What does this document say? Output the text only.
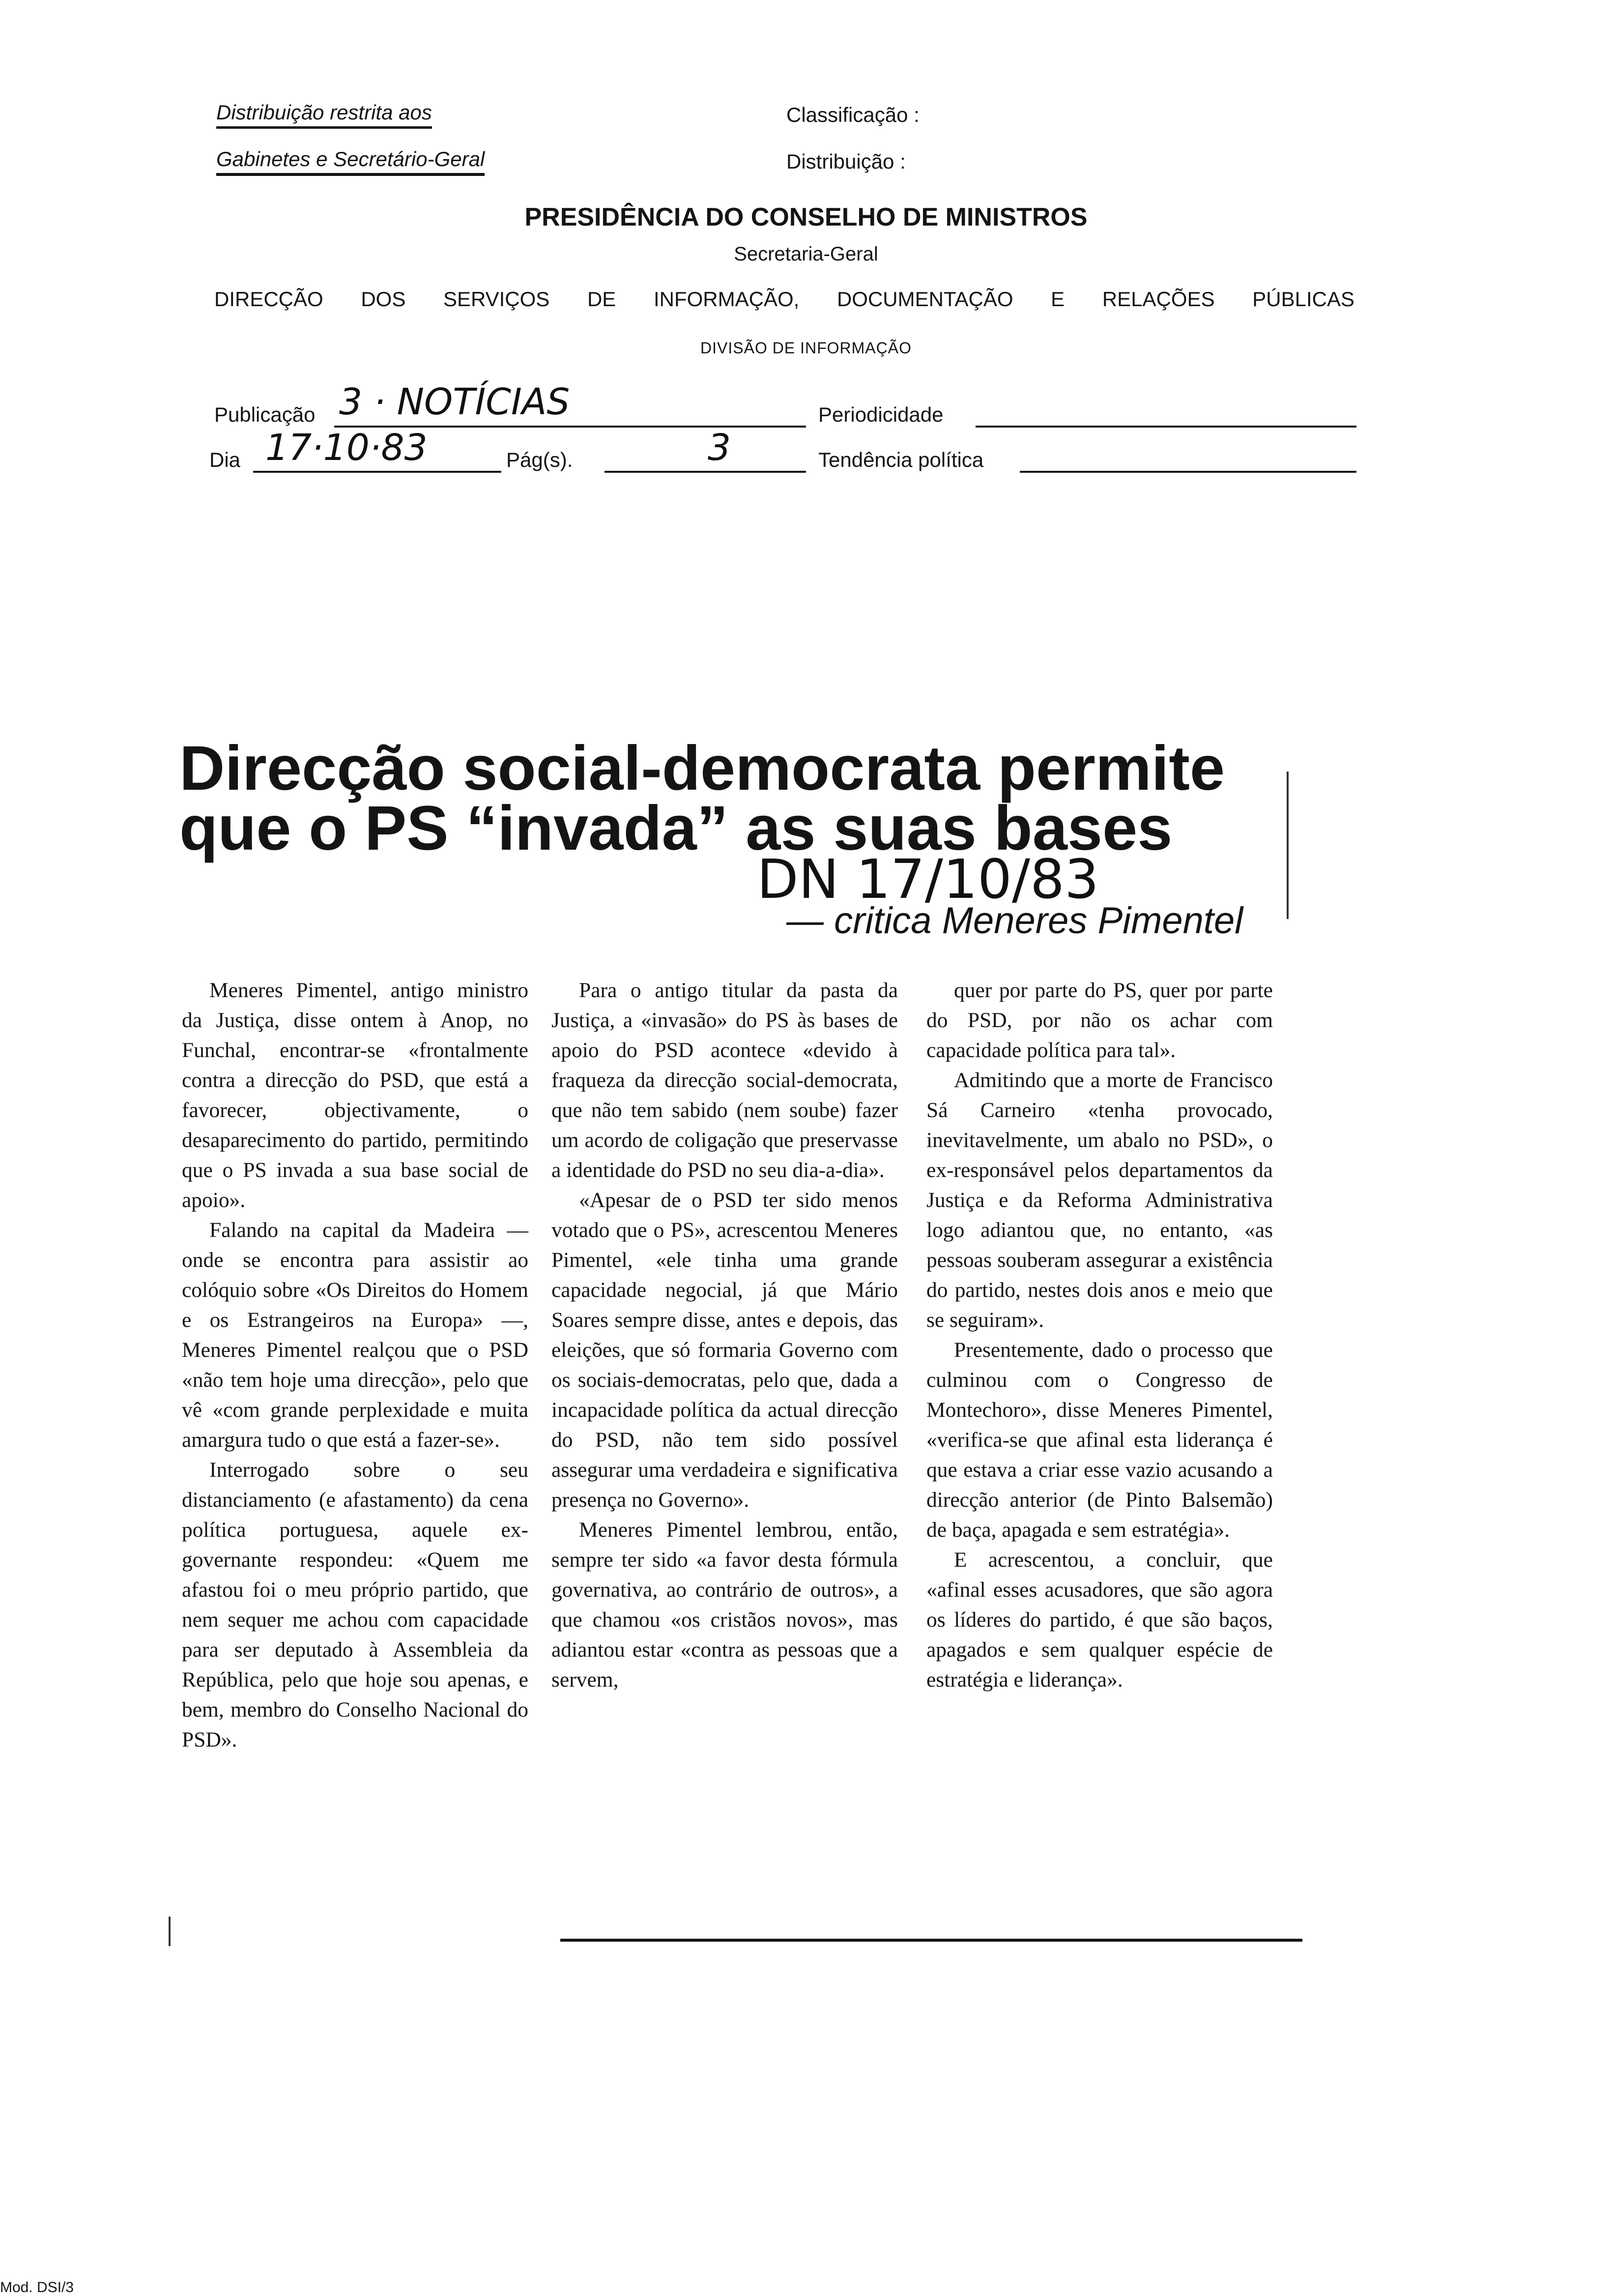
Distribuição restrita aos
Gabinetes e Secretário-Geral
Classificação :
Distribuição :
PRESIDÊNCIA DO CONSELHO DE MINISTROS
Secretaria-Geral
DIRECÇÃO DOS SERVIÇOS DE INFORMAÇÃO, DOCUMENTAÇÃO E RELAÇÕES PÚBLICAS
DIVISÃO DE INFORMAÇÃO
Publicação 3 · NOTÍCIAS	Periodicidade
Dia 17·10·83	Pág(s).	3	Tendência política
Direcção social-democrata permite
que o PS “invada” as suas bases
DN 17/10/83
— critica Meneres Pimentel

Meneres Pimentel, antigo ministro da Justiça, disse ontem à Anop, no Funchal, encontrar-se «frontalmente contra a direcção do PSD, que está a favorecer, objectivamente, o desaparecimento do partido, permitindo que o PS invada a sua base social de apoio».

Falando na capital da Madeira — onde se encontra para assistir ao colóquio sobre «Os Direitos do Homem e os Estrangeiros na Europa» —, Meneres Pimentel realçou que o PSD «não tem hoje uma direcção», pelo que vê «com grande perplexidade e muita amargura tudo o que está a fazer-se».

Interrogado sobre o seu distanciamento (e afastamento) da cena política portuguesa, aquele ex-governante respondeu: «Quem me afastou foi o meu próprio partido, que nem sequer me achou com capacidade para ser deputado à Assembleia da República, pelo que hoje sou apenas, e bem, membro do Conselho Nacional do PSD».

Para o antigo titular da pasta da Justiça, a «invasão» do PS às bases de apoio do PSD acontece «devido à fraqueza da direcção social-democrata, que não tem sabido (nem soube) fazer um acordo de coligação que preservasse a identidade do PSD no seu dia-a-dia».

«Apesar de o PSD ter sido menos votado que o PS», acrescentou Meneres Pimentel, «ele tinha uma grande capacidade negocial, já que Mário Soares sempre disse, antes e depois, das eleições, que só formaria Governo com os sociais-democratas, pelo que, dada a incapacidade política da actual direcção do PSD, não tem sido possível assegurar uma verdadeira e significativa presença no Governo».

Meneres Pimentel lembrou, então, sempre ter sido «a favor desta fórmula governativa, ao contrário de outros», a que chamou «os cristãos novos», mas adiantou estar «contra as pessoas que a servem,

quer por parte do PS, quer por parte do PSD, por não os achar com capacidade política para tal».

Admitindo que a morte de Francisco Sá Carneiro «tenha provocado, inevitavelmente, um abalo no PSD», o ex-responsável pelos departamentos da Justiça e da Reforma Administrativa logo adiantou que, no entanto, «as pessoas souberam assegurar a existência do partido, nestes dois anos e meio que se seguiram».

Presentemente, dado o processo que culminou com o Congresso de Montechoro», disse Meneres Pimentel, «verifica-se que afinal esta liderança é que estava a criar esse vazio acusando a direcção anterior (de Pinto Balsemão) de baça, apagada e sem estratégia».

E acrescentou, a concluir, que «afinal esses acusadores, que são agora os líderes do partido, é que são baços, apagados e sem qualquer espécie de estratégia e liderança».

Mod. DSI/3
